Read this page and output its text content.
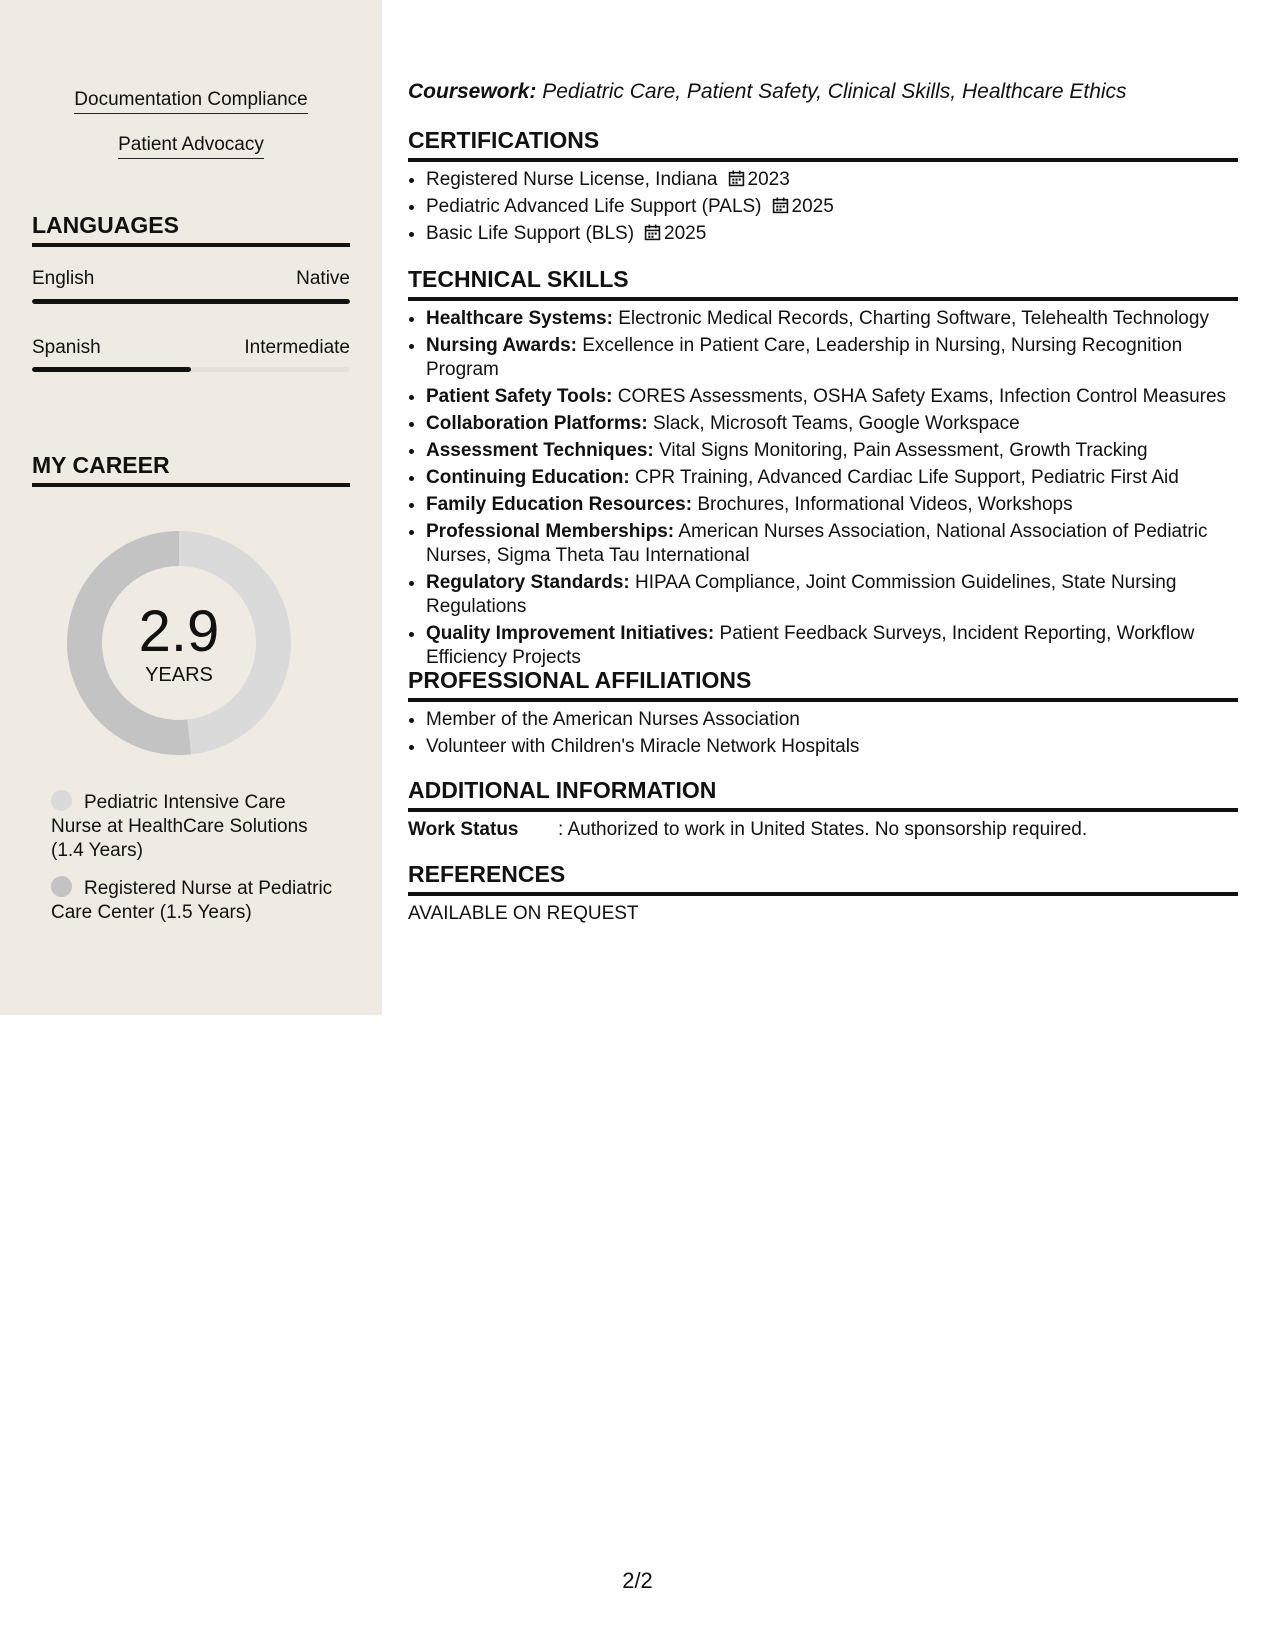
Documentation Compliance
Patient Advocacy
LANGUAGES
English	Native
Spanish	Intermediate
MY CAREER
2.9
YEARS
Pediatric Intensive Care Nurse at HealthCare Solutions (1.4 Years)
Registered Nurse at Pediatric Care Center (1.5 Years)
Coursework: Pediatric Care, Patient Safety, Clinical Skills, Healthcare Ethics
CERTIFICATIONS
• Registered Nurse License, Indiana 2023
• Pediatric Advanced Life Support (PALS) 2025
• Basic Life Support (BLS) 2025
TECHNICAL SKILLS
• Healthcare Systems: Electronic Medical Records, Charting Software, Telehealth Technology
• Nursing Awards: Excellence in Patient Care, Leadership in Nursing, Nursing Recognition Program
• Patient Safety Tools: CORES Assessments, OSHA Safety Exams, Infection Control Measures
• Collaboration Platforms: Slack, Microsoft Teams, Google Workspace
• Assessment Techniques: Vital Signs Monitoring, Pain Assessment, Growth Tracking
• Continuing Education: CPR Training, Advanced Cardiac Life Support, Pediatric First Aid
• Family Education Resources: Brochures, Informational Videos, Workshops
• Professional Memberships: American Nurses Association, National Association of Pediatric Nurses, Sigma Theta Tau International
• Regulatory Standards: HIPAA Compliance, Joint Commission Guidelines, State Nursing Regulations
• Quality Improvement Initiatives: Patient Feedback Surveys, Incident Reporting, Workflow Efficiency Projects
PROFESSIONAL AFFILIATIONS
• Member of the American Nurses Association
• Volunteer with Children's Miracle Network Hospitals
ADDITIONAL INFORMATION
Work Status : Authorized to work in United States. No sponsorship required.
REFERENCES
AVAILABLE ON REQUEST
2/2
